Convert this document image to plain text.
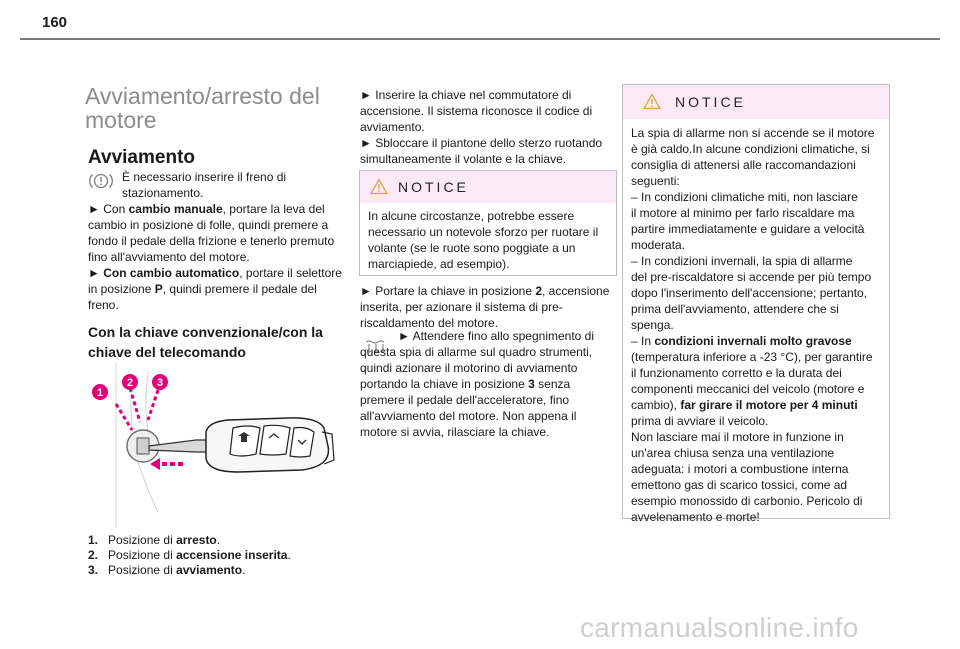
160
Avviamento/arresto del motore
Avviamento
È necessario inserire il freno di stazionamento.
► Con cambio manuale, portare la leva del cambio in posizione di folle, quindi premere a fondo il pedale della frizione e tenerlo premuto fino all'avviamento del motore.
► Con cambio automatico, portare il selettore in posizione P, quindi premere il pedale del freno.
Con la chiave convenzionale/con la chiave del telecomando
1
2 3
1. Posizione di arresto.
2. Posizione di accensione inserita.
3. Posizione di avviamento.
► Inserire la chiave nel commutatore di accensione. Il sistema riconosce il codice di avviamento.
► Sbloccare il piantone dello sterzo ruotando simultaneamente il volante e la chiave.
NOTICE
In alcune circostanze, potrebbe essere necessario un notevole sforzo per ruotare il volante (se le ruote sono poggiate a un marciapiede, ad esempio).
► Portare la chiave in posizione 2, accensione inserita, per azionare il sistema di pre-riscaldamento del motore.
► Attendere fino allo spegnimento di questa spia di allarme sul quadro strumenti, quindi azionare il motorino di avviamento portando la chiave in posizione 3 senza premere il pedale dell'acceleratore, fino all'avviamento del motore. Non appena il motore si avvia, rilasciare la chiave.
NOTICE
La spia di allarme non si accende se il motore
è già caldo.In alcune condizioni climatiche, si
consiglia di attenersi alle raccomandazioni
seguenti:
– In condizioni climatiche miti, non lasciare
il motore al minimo per farlo riscaldare ma
partire immediatamente e guidare a velocità
moderata.
– In condizioni invernali, la spia di allarme
del pre-riscaldatore si accende per più tempo
dopo l'inserimento dell'accensione; pertanto,
prima dell'avviamento, attendere che si
spenga.
– In condizioni invernali molto gravose
(temperatura inferiore a -23 °C), per garantire
il funzionamento corretto e la durata dei
componenti meccanici del veicolo (motore e
cambio), far girare il motore per 4 minuti
prima di avviare il veicolo.
Non lasciare mai il motore in funzione in
un'area chiusa senza una ventilazione
adeguata: i motori a combustione interna
emettono gas di scarico tossici, come ad
esempio monossido di carbonio. Pericolo di
avvelenamento e morte!
carmanualsonline.info
